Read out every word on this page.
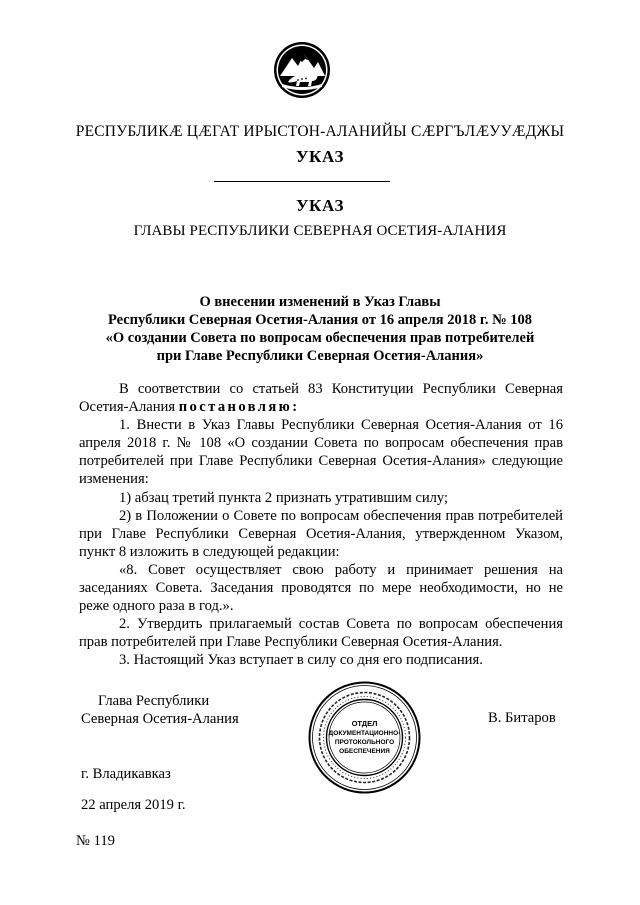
РЕСПУБЛИКӔ ЦӔГАТ ИРЫСТОН-АЛАНИЙЫ СӔРГЪЛӔУУӔДЖЫ
УКАЗ
УКАЗ
ГЛАВЫ РЕСПУБЛИКИ СЕВЕРНАЯ ОСЕТИЯ-АЛАНИЯ
О внесении изменений в Указ Главы
Республики Северная Осетия-Алания от 16 апреля 2018 г. № 108
«О создании Совета по вопросам обеспечения прав потребителей
при Главе Республики Северная Осетия-Алания»

В соответствии со статьей 83 Конституции Республики Северная Осетия-Алания постановляю:

1. Внести в Указ Главы Республики Северная Осетия-Алания от 16 апреля 2018 г. № 108 «О создании Совета по вопросам обеспечения прав потребителей при Главе Республики Северная Осетия-Алания» следующие изменения:

1) абзац третий пункта 2 признать утратившим силу;

2) в Положении о Совете по вопросам обеспечения прав потребителей при Главе Республики Северная Осетия-Алания, утвержденном Указом, пункт 8 изложить в следующей редакции:

«8. Совет осуществляет свою работу и принимает решения на заседаниях Совета. Заседания проводятся по мере необходимости, но не реже одного раза в год.».

2. Утвердить прилагаемый состав Совета по вопросам обеспечения прав потребителей при Главе Республики Северная Осетия-Алания.

3. Настоящий Указ вступает в силу со дня его подписания.

Глава Республики
Северная Осетия-Алания	ОТДЕЛ
ДОКУМЕНТАЦИОННО-
ПРОТОКОЛЬНОГО
ОБЕСПЕЧЕНИЯ
В. Битаров
г. Владикавказ
22 апреля 2019 г.
№ 119
